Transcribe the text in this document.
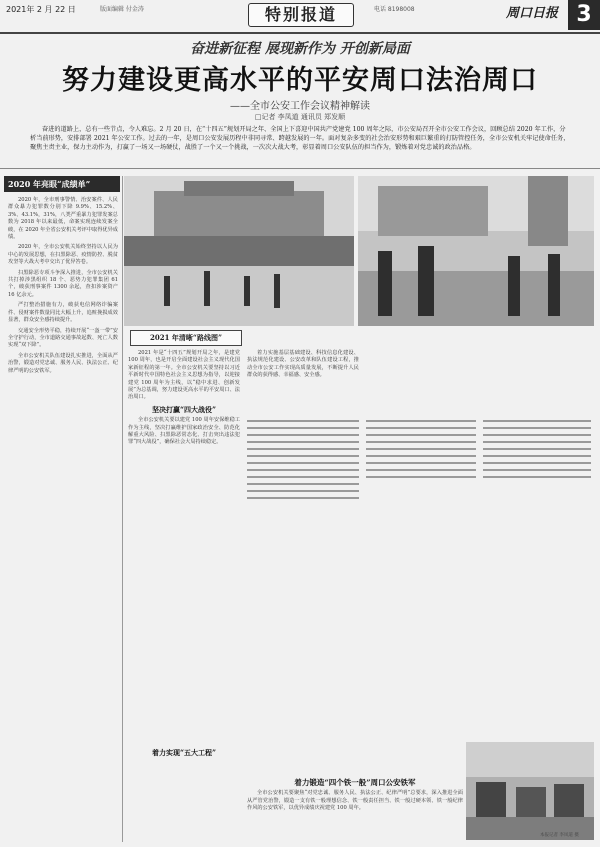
2021年 2 月 22 日	版面编辑 付金涛	特别报道	电话 8198008	周口日报 3
奋进新征程 展现新作为 开创新局面
努力建设更高水平的平安周口法治周口
——全市公安工作会议精神解读
□记者 李凤道 通讯员 郑发顺
奋进的道路上，总有一些节点，令人难忘。2 月 20 日，在“十四五”规划开局之年、全国上下喜迎中国共产党建党 100 周年之际，市公安局召开全市公安工作会议，回顾总结 2020 年工作，分析当前形势，安排部署 2021 年公安工作。过去的一年，是周口公安发展历程中非同寻常、跨越发展的一年。面对复杂多变的社会治安形势和艰巨繁重的打防管控任务，全市公安机关牢记使命任务，聚焦主责主业，保力主动作为，打赢了一场又一场硬仗，战胜了一个又一个挑战，一次次大战大考，彰显着周口公安队伍的担当作为，锻炼着对党忠诚的政治品格。
2020 年亮眼“成绩单”

2020 年，全市刑事警情、治安案件、人民群众暴力犯罪数分别下降 9.9%、15.2%、3%、43.1%，31%，八类严重暴力犯罪发案总数为 2018 年以来最低，命案实现连续发案全破，在 2020 年全省公安机关考评中取得优异成绩。

2020 年，全市公安机关始终坚持以人民为中心的发展思想，在扫黑除恶、疫情防控、脱贫攻坚等大战大考中交出了优异答卷。

扫黑除恶专项斗争深入推进，全市公安机关共打掉涉黑组织 18 个、恶势力犯罪集团 61 个，破获刑事案件 1300 余起，查扣涉案资产 16 亿余元。

严打整治措施有力，破获电信网络诈骗案件、侵财案件数量同比大幅上升，追赃挽损成效显著，群众安全感持续提升。

交通安全形势平稳，持续开展“一盔一带”安全守护行动，全市道路交通事故起数、死亡人数实现“双下降”。

全市公安机关队伍建设扎实推进，全面从严治警，锻造对党忠诚、服务人民、执法公正、纪律严明的公安铁军。

2021 年清晰“路线图”

2021 年是“十四五”规划开局之年，是建党 100 周年，也是开启全面建设社会主义现代化国家新征程的第一年。全市公安机关要坚持以习近平新时代中国特色社会主义思想为指导，以迎接建党 100 周年为主线，以“稳中求进、创新发展”为总基调，努力建设更高水平的平安周口、法治周口。

坚决打赢“四大战役”

全市公安机关要以建党 100 周年安保维稳工作为主线，坚决打赢维护国家政治安全、防范化解重大风险、扫黑除恶常态化、打击突出违法犯罪“四大战役”，确保社会大局持续稳定。

着力实施基层基础建设、科技信息化建设、执法规范化建设、公安改革和队伍建设工程，推动全市公安工作实现高质量发展，不断提升人民群众的获得感、幸福感、安全感。

着力实现“五大工程”
着力锻造“四个铁一般”周口公安铁军

全市公安机关要聚焦“对党忠诚、服务人民、执法公正、纪律严明”总要求，深入推进全面从严管党治警，锻造一支有铁一般理想信念、铁一般责任担当、铁一般过硬本领、铁一般纪律作风的公安铁军，以优异成绩庆祝建党 100 周年。

本报记者 李凤道 摄
